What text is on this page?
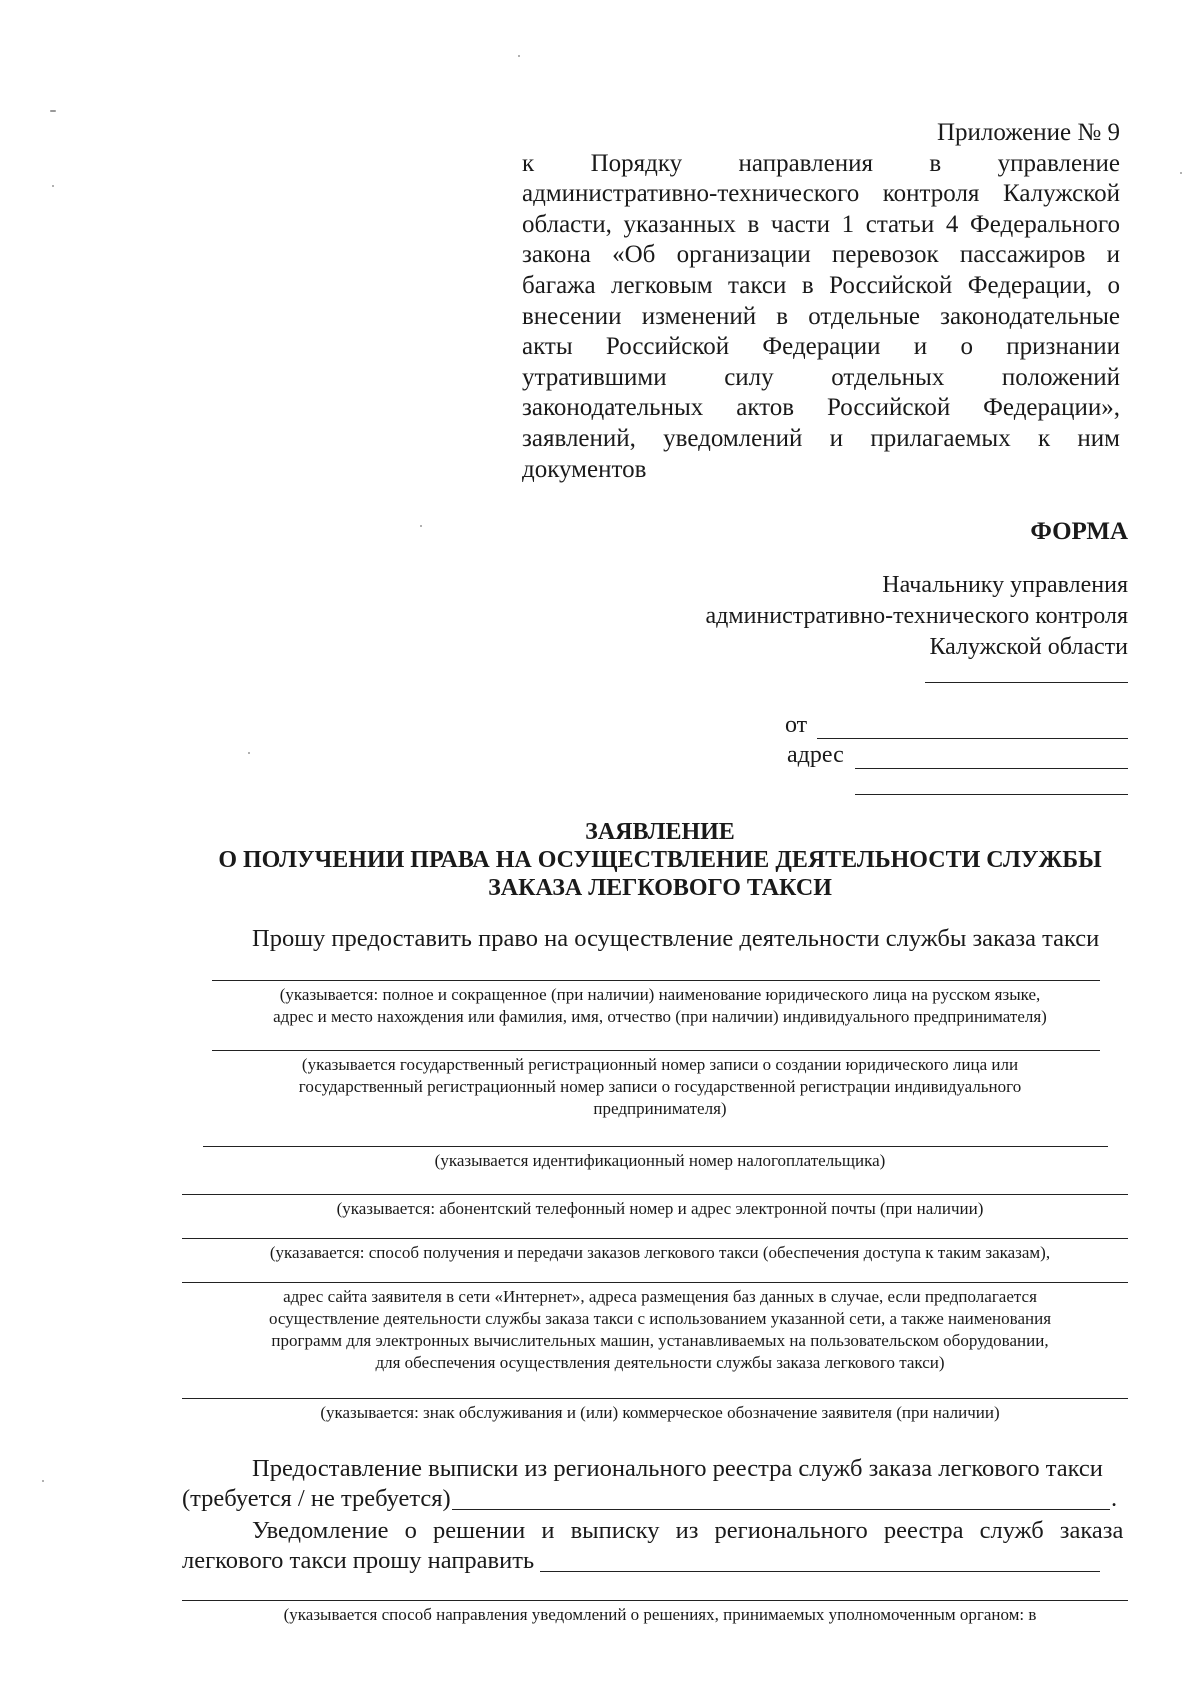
Приложение № 9
к Порядку направления в управление административно-технического контроля Калужской области, указанных в части 1 статьи 4 Федерального закона «Об организации перевозок пассажиров и багажа легковым такси в Российской Федерации, о внесении изменений в отдельные законодательные акты Российской Федерации и о признании утратившими силу отдельных положений законодательных актов Российской Федерации», заявлений, уведомлений и прилагаемых к ним документов
ФОРМА
Начальнику управления
административно-технического контроля
Калужской области
от
адрес
ЗАЯВЛЕНИЕ
О ПОЛУЧЕНИИ ПРАВА НА ОСУЩЕСТВЛЕНИЕ ДЕЯТЕЛЬНОСТИ СЛУЖБЫ
ЗАКАЗА ЛЕГКОВОГО ТАКСИ
Прошу предоставить право на осуществление деятельности службы заказа такси
(указывается: полное и сокращенное (при наличии) наименование юридического лица на русском языке,
адрес и место нахождения или фамилия, имя, отчество (при наличии) индивидуального предпринимателя)
(указывается государственный регистрационный номер записи о создании юридического лица или
государственный регистрационный номер записи о государственной регистрации индивидуального
предпринимателя)
(указывается идентификационный номер налогоплательщика)
(указывается: абонентский телефонный номер и адрес электронной почты (при наличии)
(указавается: способ получения и передачи заказов легкового такси (обеспечения доступа к таким заказам),
адрес сайта заявителя в сети «Интернет», адреса размещения баз данных в случае, если предполагается
осуществление деятельности службы заказа такси с использованием указанной сети, а также наименования
программ для электронных вычислительных машин, устанавливаемых на пользовательском оборудовании,
для обеспечения осуществления деятельности службы заказа легкового такси)
(указывается: знак обслуживания и (или) коммерческое обозначение заявителя (при наличии)
Предоставление выписки из регионального реестра служб заказа легкового такси
(требуется / не требуется)	.
Уведомление о решении и выписку из регионального реестра служб заказа
легкового такси прошу направить
(указывается способ направления уведомлений о решениях, принимаемых уполномоченным органом: в
